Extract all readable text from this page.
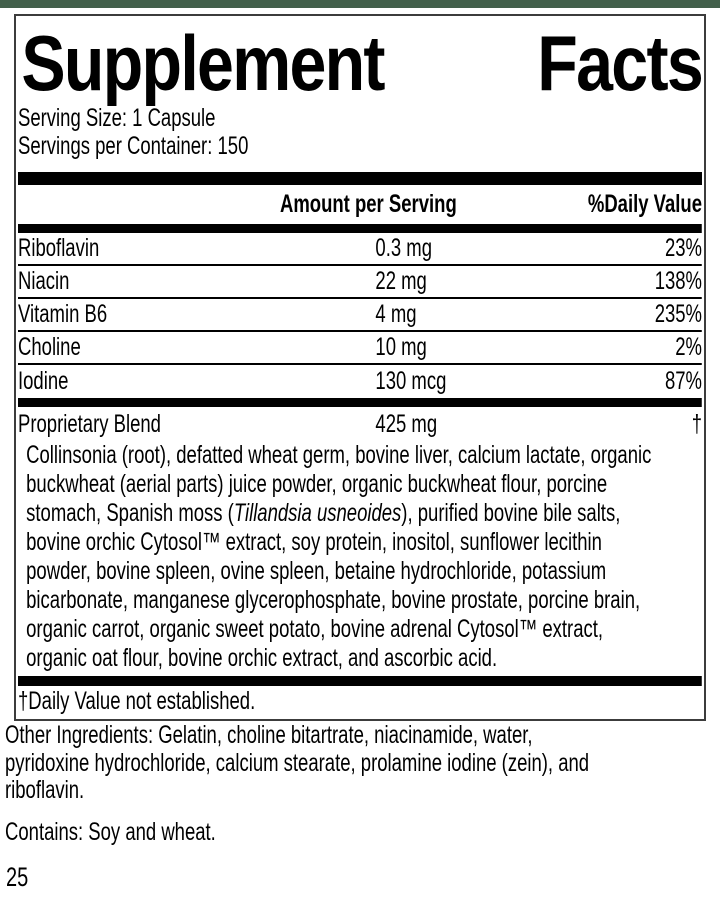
Supplement Facts
Serving Size: 1 Capsule
Servings per Container: 150
Amount per Serving	%Daily Value
Riboflavin	0.3 mg	23%
Niacin	22 mg	138%
Vitamin B6	4 mg	235%
Choline	10 mg	2%
Iodine	130 mcg	87%
Proprietary Blend	425 mg	†
Collinsonia (root), defatted wheat germ, bovine liver, calcium lactate, organic
buckwheat (aerial parts) juice powder, organic buckwheat flour, porcine
stomach, Spanish moss (Tillandsia usneoides), purified bovine bile salts,
bovine orchic Cytosol™ extract, soy protein, inositol, sunflower lecithin
powder, bovine spleen, ovine spleen, betaine hydrochloride, potassium
bicarbonate, manganese glycerophosphate, bovine prostate, porcine brain,
organic carrot, organic sweet potato, bovine adrenal Cytosol™ extract,
organic oat flour, bovine orchic extract, and ascorbic acid.
†Daily Value not established.
Other Ingredients: Gelatin, choline bitartrate, niacinamide, water,
pyridoxine hydrochloride, calcium stearate, prolamine iodine (zein), and
riboflavin.
Contains: Soy and wheat.
25
